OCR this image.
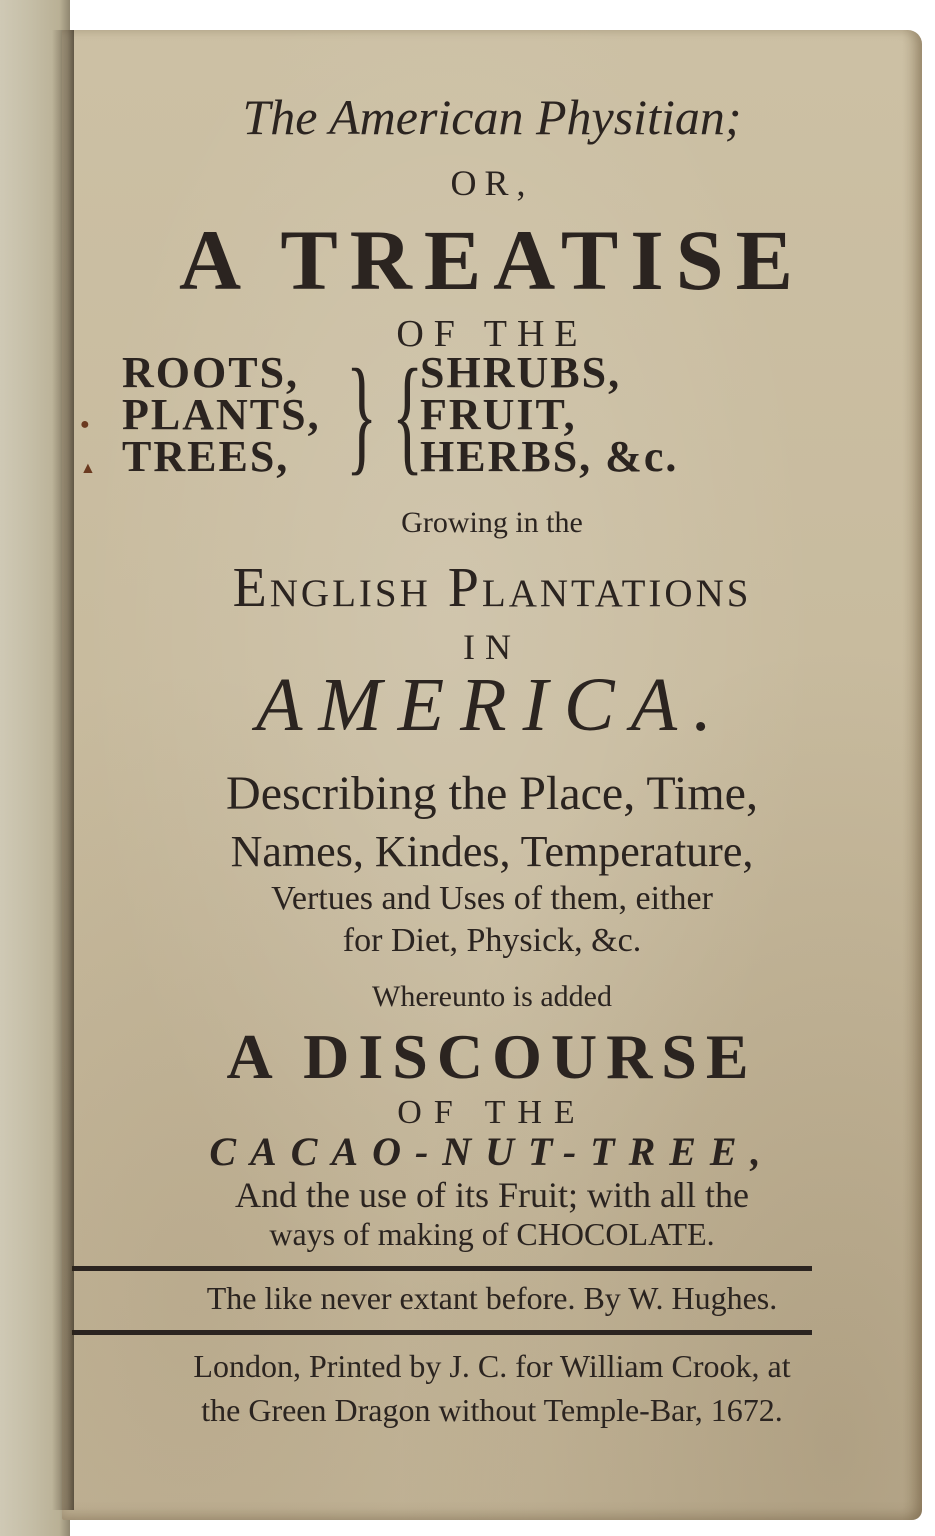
The American Physitian;
OR,
A TREATISE
OF THE
ROOTS,
PLANTS,
TREES, } {
SHRUBS,
FRUIT,
HERBS, &c.
Growing in the
English Plantations
IN
AMERICA.
Describing the Place, Time,
Names, Kindes, Temperature,
Vertues and Uses of them, either
for Diet, Physick, &c.
Whereunto is added
A DISCOURSE
OF THE
CACAO-NUT-TREE,
And the use of its Fruit; with all the
ways of making of CHOCOLATE.
The like never extant before. By W. Hughes.
London, Printed by J. C. for William Crook, at
the Green Dragon without Temple-Bar, 1672.
●
▲
